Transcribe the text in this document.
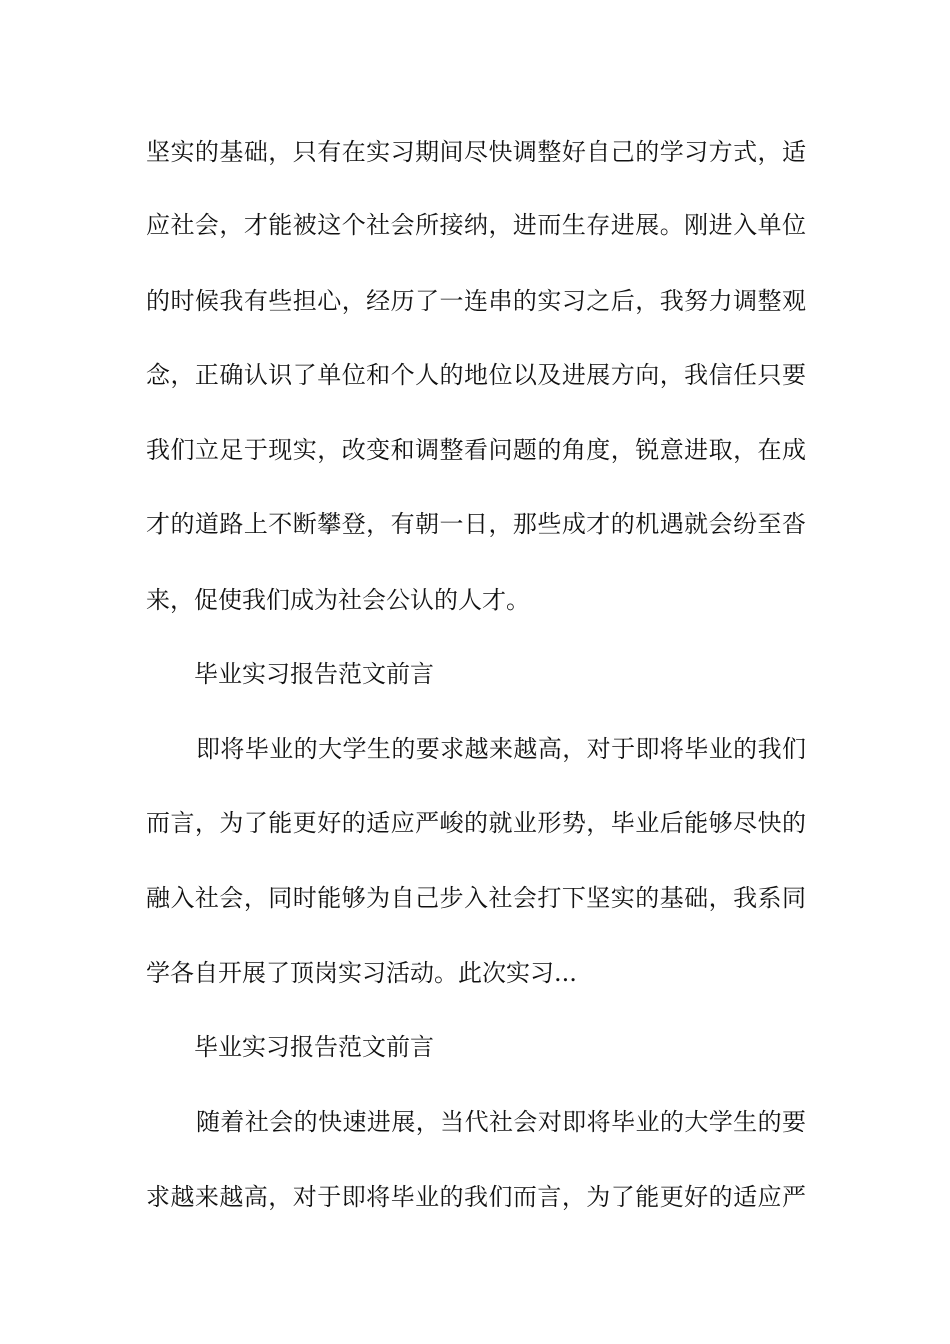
坚实的基础，只有在实习期间尽快调整好自己的学习方式，适
应社会，才能被这个社会所接纳，进而生存进展。刚进入单位
的时候我有些担心，经历了一连串的实习之后，我努力调整观
念，正确认识了单位和个人的地位以及进展方向，我信任只要
我们立足于现实，改变和调整看问题的角度，锐意进取，在成
才的道路上不断攀登，有朝一日，那些成才的机遇就会纷至沓
来，促使我们成为社会公认的人才。
毕业实习报告范文前言
即将毕业的大学生的要求越来越高，对于即将毕业的我们
而言，为了能更好的适应严峻的就业形势，毕业后能够尽快的
融入社会，同时能够为自己步入社会打下坚实的基础，我系同
学各自开展了顶岗实习活动。此次实习...
毕业实习报告范文前言
随着社会的快速进展，当代社会对即将毕业的大学生的要
求越来越高，对于即将毕业的我们而言，为了能更好的适应严
